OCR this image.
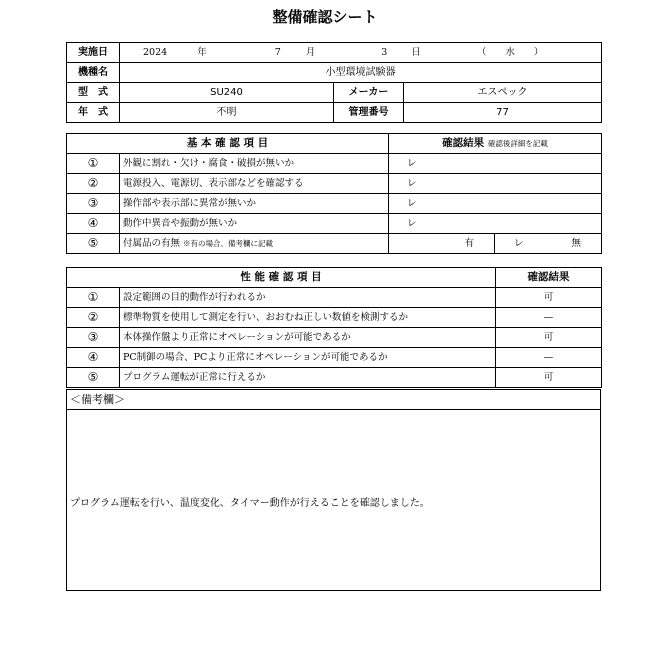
整備確認シート
実施日	2024 年 7 月 3 日 （　　水　　）		
機種名	小型環境試験器		
型　式	SU240	メーカー	エスペック
年　式	不明	管理番号	77
基 本 確 認 項 目		確認結果 確認後詳細を記載	
①	外観に割れ・欠け・腐食・破損が無いか	レ	
②	電源投入、電源切、表示部などを確認する	レ	
③	操作部や表示部に異常が無いか	レ	
④	動作中異音や振動が無いか	レ	
⑤	付属品の有無 ※有の場合、備考欄に記載	有	レ 無
性 能 確 認 項 目		確認結果
①	設定範囲の目的動作が行われるか	可
②	標準物質を使用して測定を行い、おおむね正しい数値を検測するか	—
③	本体操作盤より正常にオペレーションが可能であるか	可
④	PC制御の場合、PCより正常にオペレーションが可能であるか	—
⑤	プログラム運転が正常に行えるか	可
＜備考欄＞
プログラム運転を行い、温度変化、タイマー動作が行えることを確認しました。
